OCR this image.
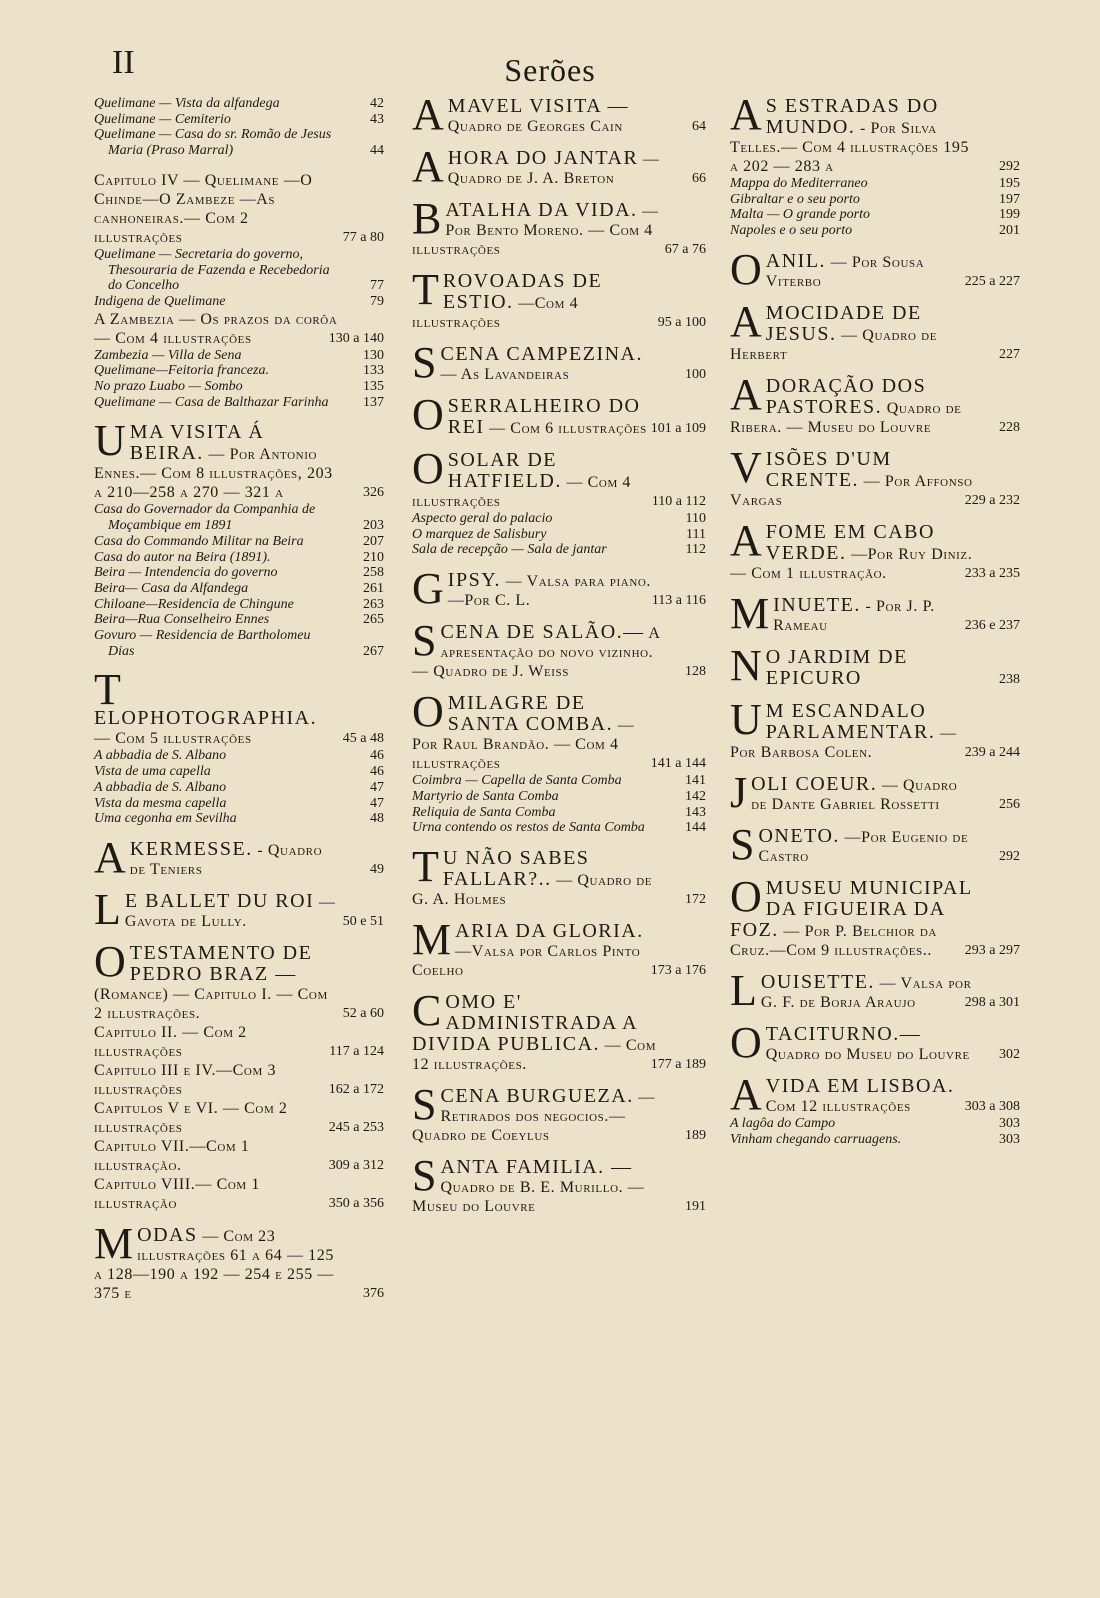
II	Serões
Quelimane — Vista da alfandega	42
Quelimane — Cemiterio	43
Quelimane — Casa do sr. Romão de Jesus Maria (Praso Marral)	44
Capitulo IV — Quelimane —O Chinde—O Zambeze —As canhoneiras.— Com 2 illustrações	77 a 80
Quelimane — Secretaria do governo, Thesouraria de Fazenda e Recebedoria do Concelho	77
Indigena de Quelimane	79
A Zambezia — Os prazos da corôa — Com 4 illustrações	130 a 140
Zambezia — Villa de Sena	130
Quelimane—Feitoria franceza.	133
No prazo Luabo — Sombo	135
Quelimane — Casa de Balthazar Farinha 137
U MA VISITA Á BEIRA. — Por Antonio Ennes.— Com 8 illustrações, 203 a 210—258 a 270 — 321 a	326
Casa do Governador da Companhia de Moçambique em 1891	203
Casa do Commando Militar na Beira	207
Casa do autor na Beira (1891).	210
Beira — Intendencia do governo	258
Beira— Casa da Alfandega	261
Chiloane—Residencia de Chingune	263
Beira—Rua Conselheiro Ennes	265
Govuro — Residencia de Bartholomeu Dias	267
T
ELOPHOTOGRAPHIA. — Com 5 illustrações	45 a 48
A abbadia de S. Albano	46
Vista de uma capella	46
A abbadia de S. Albano	47
Vista da mesma capella	47
Uma cegonha em Sevilha	48
A KERMESSE. - Quadro de Teniers	49
L E BALLET DU ROI — Gavota de Lully.	50 e 51
O TESTAMENTO DE PEDRO BRAZ — (Romance) — Capitulo I. — Com 2 illustrações.	52 a 60
Capitulo II. — Com 2 illustrações	117 a 124
Capitulo III e IV.—Com 3 illustrações	162 a 172
Capitulos V e VI. — Com 2 illustrações	245 a 253
Capitulo VII.—Com 1 illustração.	309 a 312
Capitulo VIII.— Com 1 illustração	350 a 356
M ODAS — Com 23 illustrações 61 a 64 — 125 a 128—190 a 192 — 254 e 255 — 375 e	376
A MAVEL VISITA — Quadro de Georges Cain	64
A HORA DO JANTAR — Quadro de J. A. Breton	66
B ATALHA DA VIDA. — Por Bento Moreno. — Com 4 illustrações	67 a 76
T ROVOADAS DE ESTIO. —Com 4 illustrações	95 a 100
S CENA CAMPEZINA. — As Lavandeiras	100
O SERRALHEIRO DO REI — Com 6 illustrações 101 a 109
O SOLAR DE HATFIELD. — Com 4 illustrações	110 a 112
Aspecto geral do palacio	110
O marquez de Salisbury	111
Sala de recepção — Sala de jantar	112
G IPSY. — Valsa para piano.—Por C. L.	113 a 116
S CENA DE SALÃO.— A apresentação do novo vizinho. — Quadro de J. Weiss	128
O MILAGRE DE SANTA COMBA. — Por Raul Brandão. — Com 4 illustrações	141 a 144
Coimbra — Capella de Santa Comba	141
Martyrio de Santa Comba	142
Reliquia de Santa Comba	143
Urna contendo os restos de Santa Comba	144
T U NÃO SABES FALLAR?.. — Quadro de G. A. Holmes	172
M ARIA DA GLORIA. —Valsa por Carlos Pinto Coelho	173 a 176
C OMO E' ADMINISTRADA A DIVIDA PUBLICA. — Com 12 illustrações.	177 a 189
S CENA BURGUEZA. — Retirados dos negocios.—Quadro de Coeylus	189
S ANTA FAMILIA. — Quadro de B. E. Murillo. — Museu do Louvre	191
A S ESTRADAS DO MUNDO. - Por Silva Telles.— Com 4 illustrações 195 a 202 — 283 a	292
Mappa do Mediterraneo	195
Gibraltar e o seu porto	197
Malta — O grande porto	199
Napoles e o seu porto	201
O ANIL. — Por Sousa Viterbo	225 a 227
A MOCIDADE DE JESUS. — Quadro de Herbert	227
A DORAÇÃO DOS PASTORES. Quadro de Ribera. — Museu do Louvre	228
V ISÕES D'UM CRENTE. — Por Affonso Vargas	229 a 232
A FOME EM CABO VERDE. —Por Ruy Diniz. — Com 1 illustração.	233 a 235
M INUETE. - Por J. P. Rameau	236 e 237
N O JARDIM DE EPICURO	238
U M ESCANDALO PARLAMENTAR. —Por Barbosa Colen.	239 a 244
J OLI COEUR. — Quadro de Dante Gabriel Rossetti	256
S ONETO. —Por Eugenio de Castro	292
O MUSEU MUNICIPAL DA FIGUEIRA DA FOZ. — Por P. Belchior da Cruz.—Com 9 illustrações.. 293 a 297
L OUISETTE. — Valsa por G. F. de Borja Araujo	298 a 301
O TACITURNO.— Quadro do Museu do Louvre 302
A VIDA EM LISBOA. Com 12 illustrações	303 a 308
A lagôa do Campo	303
Vinham chegando carruagens.	303
